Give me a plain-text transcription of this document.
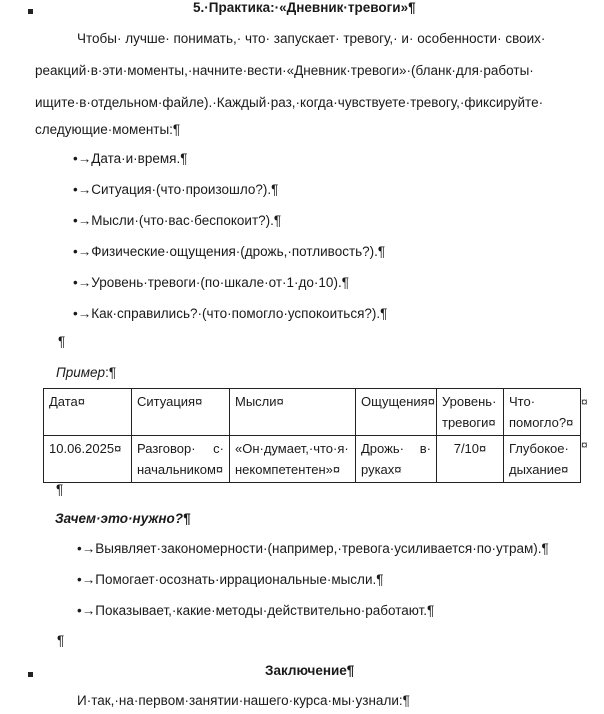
5.·Практика:·«Дневник·тревоги»¶
Чтобы· лучше· понимать,· что· запускает· тревогу,· и· особенности· своих·
реакций·в·эти·моменты,·начните·вести·«Дневник·тревоги»·(бланк·для·работы·
ищите·в·отдельном·файле).·Каждый·раз,·когда·чувствуете·тревогу,·фиксируйте·
следующие·моменты:¶
•→Дата·и·время.¶
•→Ситуация·(что·произошло?).¶
•→Мысли·(что·вас·беспокоит?).¶
•→Физические·ощущения·(дрожь,·потливость?).¶
•→Уровень·тревоги·(по·шкале·от·1·до·10).¶
•→Как·справились?·(что·помогло·успокоиться?).¶
¶
Пример:¶
Дата¤	Ситуация¤	Мысли¤	Ощущения¤	Уровень· тревоги¤	Что· помогло?¤
10.06.2025¤	Разговор· с· начальником¤	«Он·думает,·что·я· некомпетентен»¤	Дрожь· в· руках¤	7/10¤	Глубокое· дыхание¤
¤
¤
¶
Зачем·это·нужно?¶
•→Выявляет·закономерности·(например,·тревога·усиливается·по·утрам).¶
•→Помогает·осознать·иррациональные·мысли.¶
•→Показывает,·какие·методы·действительно·работают.¶
¶
Заключение¶
И·так,·на·первом·занятии·нашего·курса·мы·узнали:¶
